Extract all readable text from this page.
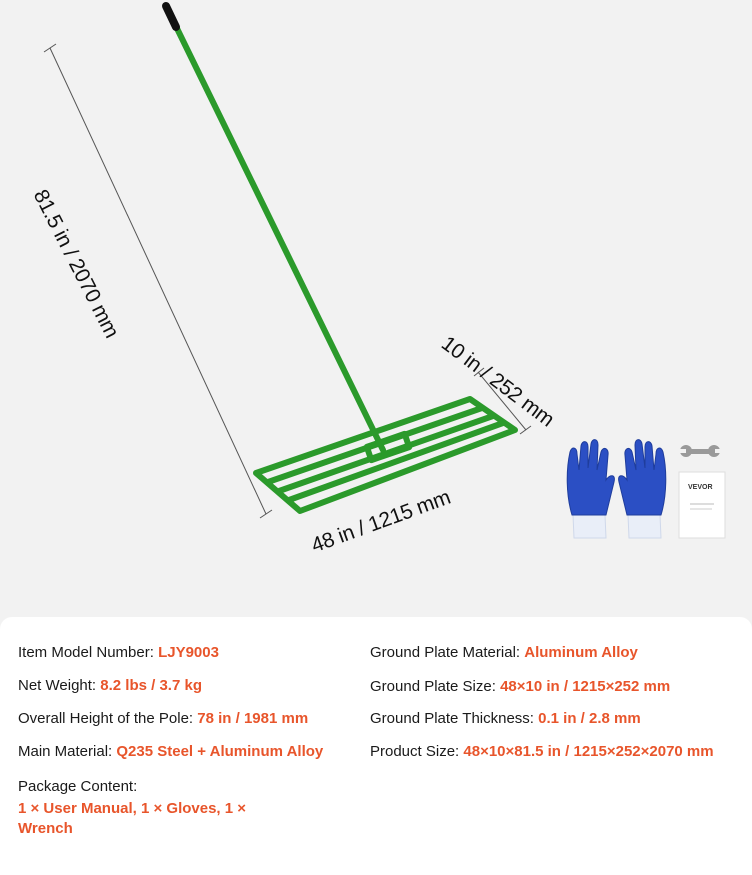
81.5 in / 2070 mm
10 in / 252 mm
48 in / 1215 mm	VEVOR
Item Model Number: LJY9003
Net Weight: 8.2 lbs / 3.7 kg
Overall Height of the Pole: 78 in / 1981 mm
Main Material: Q235 Steel + Aluminum Alloy
Package Content:
1 × User Manual, 1 × Gloves, 1 × Wrench
Ground Plate Material: Aluminum Alloy
Ground Plate Size: 48×10 in / 1215×252 mm
Ground Plate Thickness: 0.1 in / 2.8 mm
Product Size: 48×10×81.5 in / 1215×252×2070 mm
